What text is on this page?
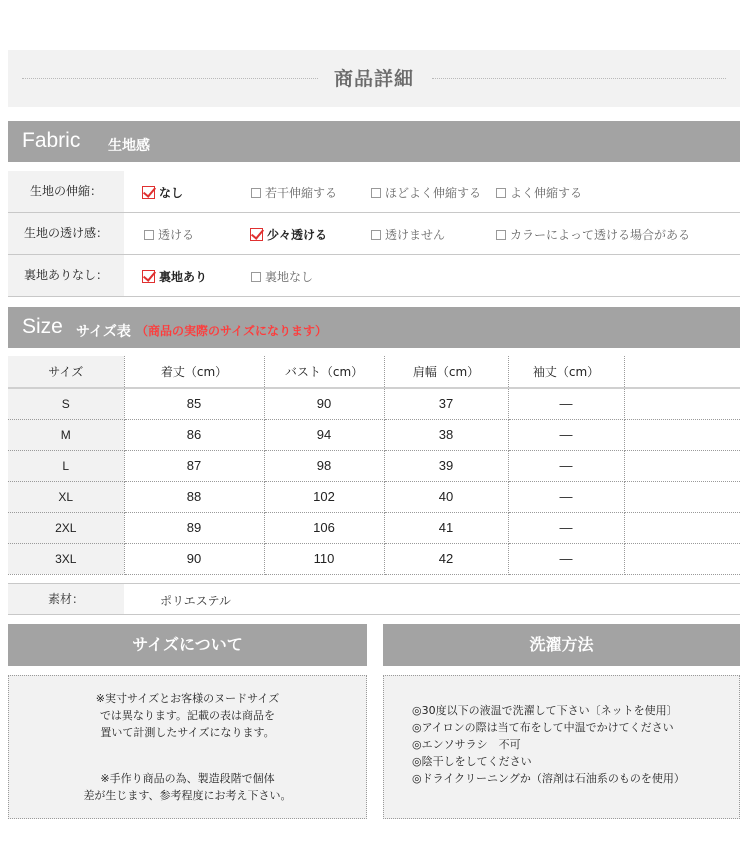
商品詳細
Fabric 生地感
生地の伸縮：	なし	若干伸縮する	ほどよく伸縮する	よく伸縮する
生地の透け感：	透ける	少々透ける	透けません	カラーによって透ける場合がある
裏地ありなし：	裏地あり	裏地なし
Size サイズ表 （商品の実際のサイズになります）
サイズ	着丈（cm）	バスト（cm）	肩幅（cm）	袖丈（cm）	
S	85	90	37	—	
M	86	94	38	—	
L	87	98	39	—	
XL	88	102	40	—	
2XL	89	106	41	—	
3XL	90	110	42	—	
素材：	ポリエステル
サイズについて
※実寸サイズとお客様のヌードサイズ
では異なります。記載の表は商品を
置いて計測したサイズになります。
※手作り商品の為、製造段階で個体
差が生じます、参考程度にお考え下さい。
洗濯方法
◎30度以下の液温で洗濯して下さい〔ネットを使用〕
◎アイロンの際は当て布をして中温でかけてください
◎エンソサラシ　不可
◎陰干しをしてください
◎ドライクリーニングか（溶剤は石油系のものを使用）
